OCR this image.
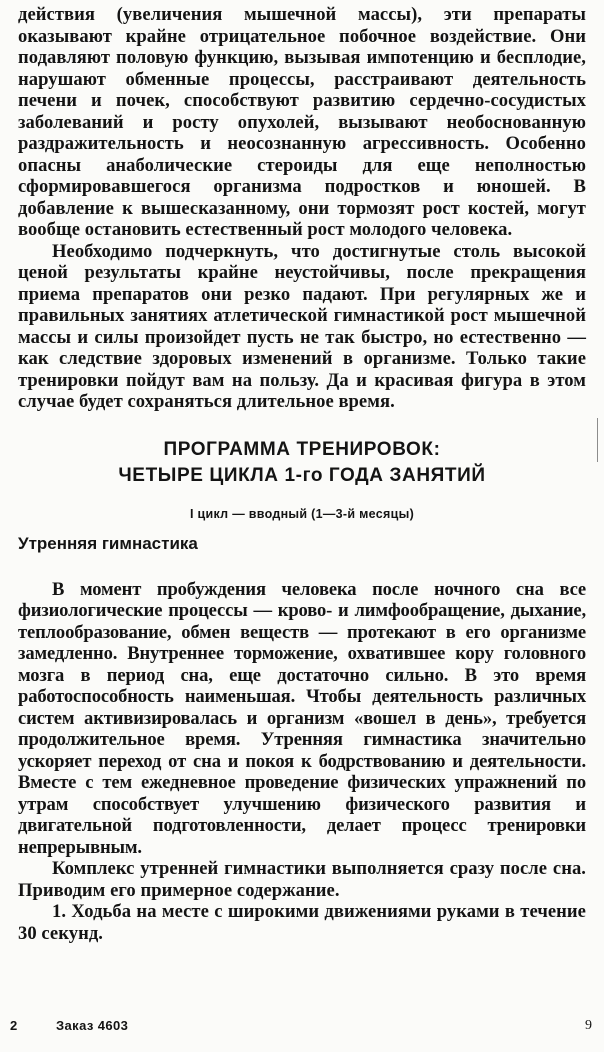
действия (увеличения мышечной массы), эти препараты оказывают крайне отрицательное побочное воздействие. Они подавляют половую функцию, вызывая импотенцию и бесплодие, нарушают обменные процессы, расстраивают деятельность печени и почек, способствуют развитию сердечно-сосудистых заболеваний и росту опухолей, вызывают необоснованную раздражительность и неосознанную агрессивность. Особенно опасны анаболические стероиды для еще неполностью сформировавшегося организма подростков и юношей. В добавление к вышесказанному, они тормозят рост костей, могут вообще остановить естественный рост молодого человека.

Необходимо подчеркнуть, что достигнутые столь высокой ценой результаты крайне неустойчивы, после прекращения приема препаратов они резко падают. При регулярных же и правильных занятиях атлетической гимнастикой рост мышечной массы и силы произойдет пусть не так быстро, но естественно — как следствие здоровых изменений в организме. Только такие тренировки пойдут вам на пользу. Да и красивая фигура в этом случае будет сохраняться длительное время.

ПРОГРАММА ТРЕНИРОВОК:
ЧЕТЫРЕ ЦИКЛА 1-го ГОДА ЗАНЯТИЙ
I цикл — вводный (1—3-й месяцы)
Утренняя гимнастика

В момент пробуждения человека после ночного сна все физиологические процессы — крово- и лимфообращение, дыхание, теплообразование, обмен веществ — протекают в его организме замедленно. Внутреннее торможение, охватившее кору головного мозга в период сна, еще достаточно сильно. В это время работоспособность наименьшая. Чтобы деятельность различных систем активизировалась и организм «вошел в день», требуется продолжительное время. Утренняя гимнастика значительно ускоряет переход от сна и покоя к бодрствованию и деятельности. Вместе с тем ежедневное проведение физических упражнений по утрам способствует улучшению физического развития и двигательной подготовленности, делает процесс тренировки непрерывным.

Комплекс утренней гимнастики выполняется сразу после сна. Приводим его примерное содержание.

1. Ходьба на месте с широкими движениями руками в течение 30 секунд.

2	Заказ 4603	9
